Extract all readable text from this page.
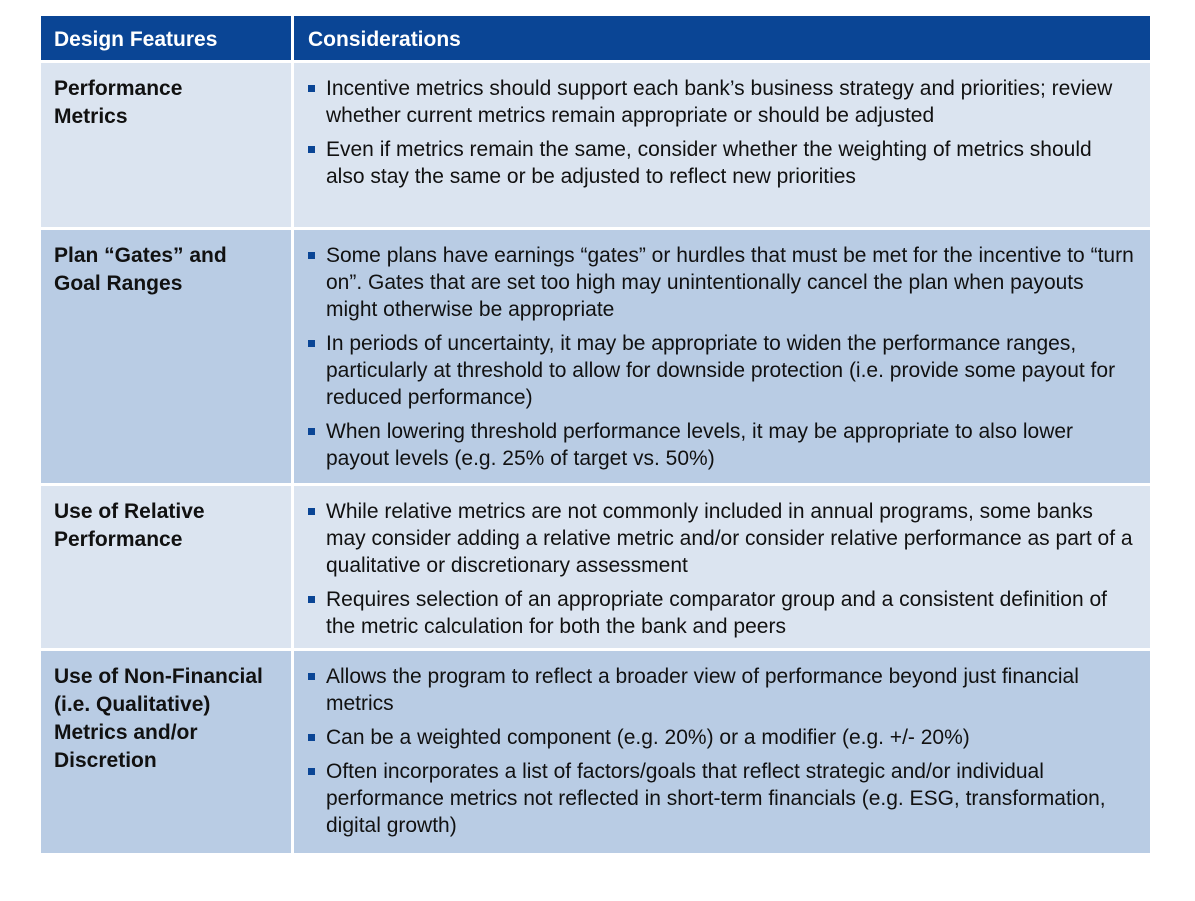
Design Features	Considerations
Performance
Metrics
Incentive metrics should support each bank’s business strategy and priorities; review whether current metrics remain appropriate or should be adjusted
Even if metrics remain the same, consider whether the weighting of metrics should also stay the same or be adjusted to reflect new priorities
Plan “Gates” and Goal Ranges
Some plans have earnings “gates” or hurdles that must be met for the incentive to “turn on”. Gates that are set too high may unintentionally cancel the plan when payouts might otherwise be appropriate
In periods of uncertainty, it may be appropriate to widen the performance ranges, particularly at threshold to allow for downside protection (i.e. provide some payout for reduced performance)
When lowering threshold performance levels, it may be appropriate to also lower payout levels (e.g. 25% of target vs. 50%)
Use of Relative Performance
While relative metrics are not commonly included in annual programs, some banks may consider adding a relative metric and/or consider relative performance as part of a qualitative or discretionary assessment
Requires selection of an appropriate comparator group and a consistent definition of the metric calculation for both the bank and peers
Use of Non-Financial (i.e. Qualitative) Metrics and/or Discretion
Allows the program to reflect a broader view of performance beyond just financial metrics
Can be a weighted component (e.g. 20%) or a modifier (e.g. +/- 20%)
Often incorporates a list of factors/goals that reflect strategic and/or individual performance metrics not reflected in short-term financials (e.g. ESG, transformation, digital growth)
